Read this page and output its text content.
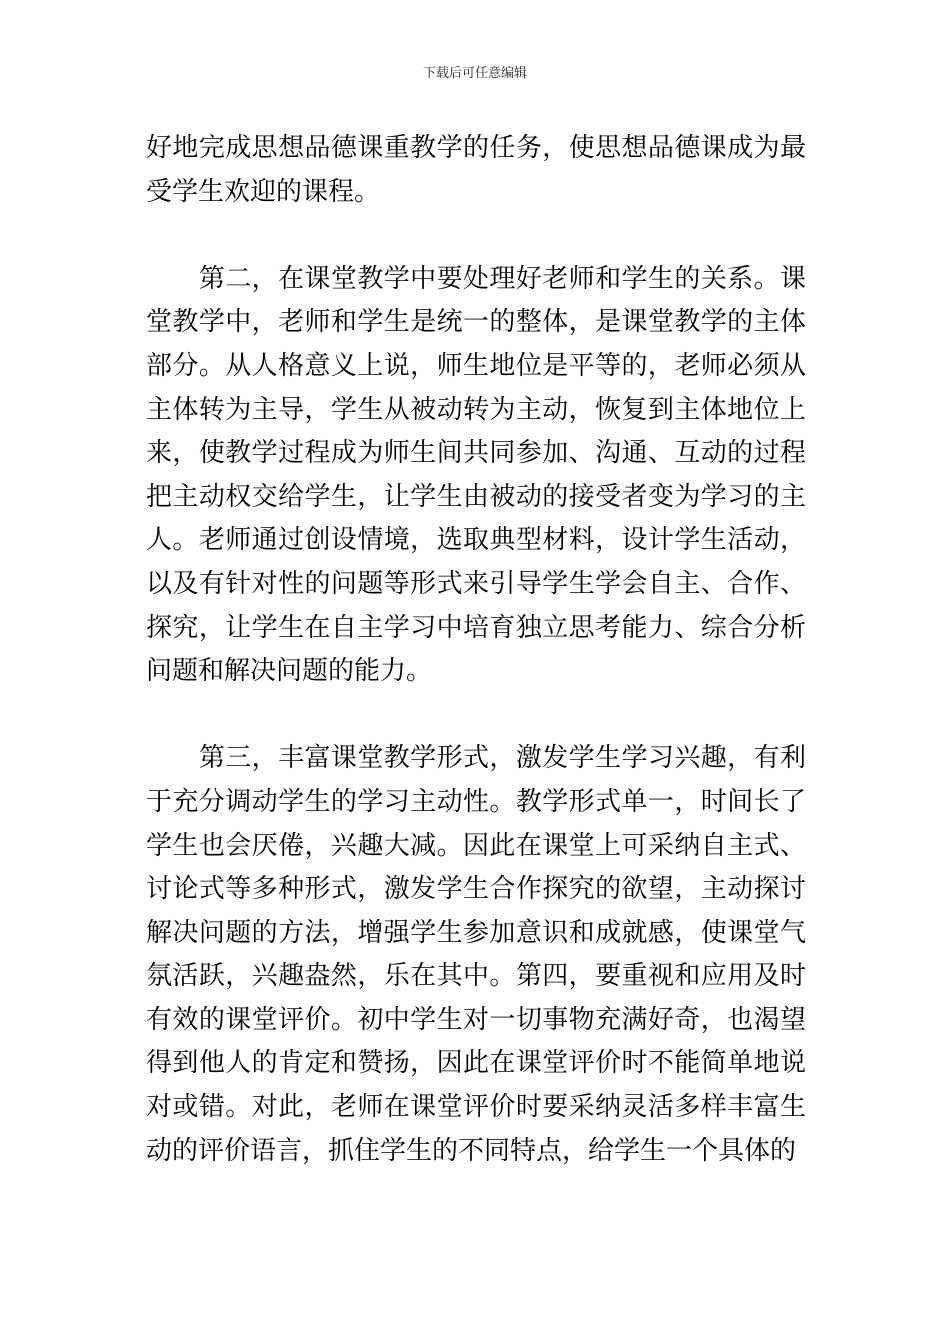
下载后可任意编辑
好地完成思想品德课重教学的任务，使思想品德课成为最
受学生欢迎的课程。
　　第二，在课堂教学中要处理好老师和学生的关系。课
堂教学中，老师和学生是统一的整体，是课堂教学的主体
部分。从人格意义上说，师生地位是平等的，老师必须从
主体转为主导，学生从被动转为主动，恢复到主体地位上
来，使教学过程成为师生间共同参加、沟通、互动的过程
把主动权交给学生，让学生由被动的接受者变为学习的主
人。老师通过创设情境，选取典型材料，设计学生活动，
以及有针对性的问题等形式来引导学生学会自主、合作、
探究，让学生在自主学习中培育独立思考能力、综合分析
问题和解决问题的能力。
　　第三，丰富课堂教学形式，激发学生学习兴趣，有利
于充分调动学生的学习主动性。教学形式单一，时间长了
学生也会厌倦，兴趣大减。因此在课堂上可采纳自主式、
讨论式等多种形式，激发学生合作探究的欲望，主动探讨
解决问题的方法，增强学生参加意识和成就感，使课堂气
氛活跃，兴趣盎然，乐在其中。第四，要重视和应用及时
有效的课堂评价。初中学生对一切事物充满好奇，也渴望
得到他人的肯定和赞扬，因此在课堂评价时不能简单地说
对或错。对此，老师在课堂评价时要采纳灵活多样丰富生
动的评价语言，抓住学生的不同特点，给学生一个具体的
